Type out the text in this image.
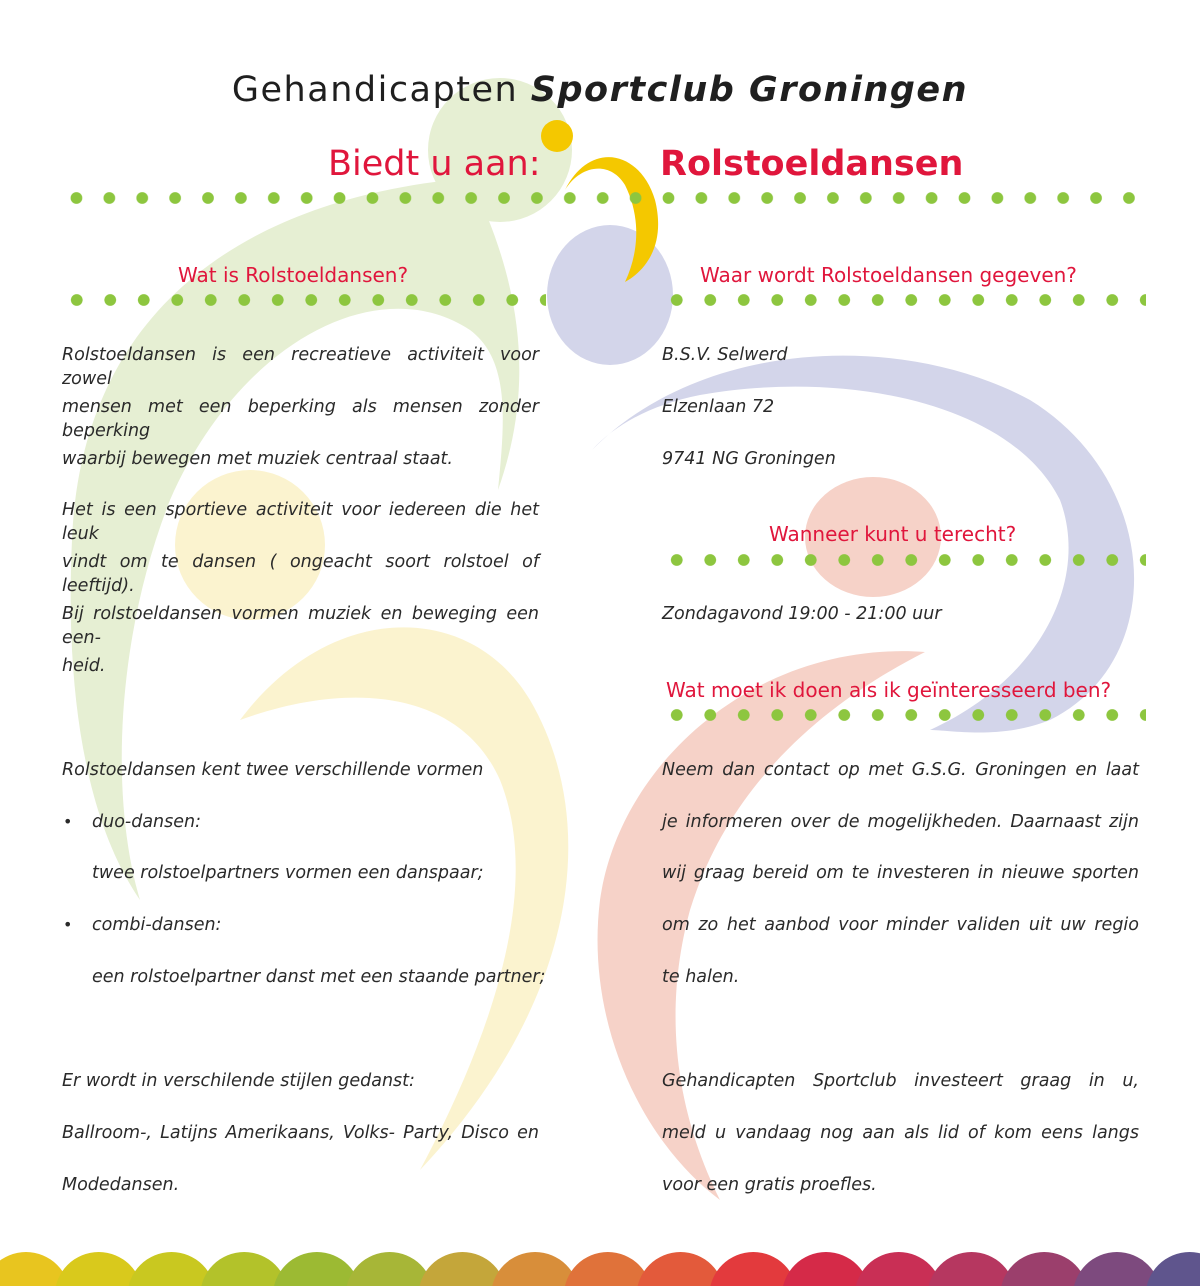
Gehandicapten Sportclub Groningen
Biedt u aan:	Rolstoeldansen
Wat is Rolstoeldansen?
Rolstoeldansen is een recreatieve activiteit voor zowel
mensen met een beperking als mensen zonder beperking
waarbij bewegen met muziek centraal staat.
Het is een sportieve activiteit voor iedereen die het leuk
vindt om te dansen ( ongeacht soort rolstoel of leeftijd).
Bij rolstoeldansen vormen muziek en beweging een een-
heid.
Rolstoeldansen kent twee verschillende vormen
• duo-dansen:
twee rolstoelpartners vormen een danspaar;
• combi-dansen:
een rolstoelpartner danst met een staande partner;
Er wordt in verschilende stijlen gedanst:
Ballroom-, Latijns Amerikaans, Volks- Party, Disco en
Modedansen.
Waar wordt Rolstoeldansen gegeven?
B.S.V. Selwerd
Elzenlaan 72
9741 NG Groningen
Wanneer kunt u terecht?
Zondagavond 19:00 - 21:00 uur
Wat moet ik doen als ik geïnteresseerd ben?
Neem dan contact op met G.S.G. Groningen en laat
je informeren over de mogelijkheden. Daarnaast zijn
wij graag bereid om te investeren in nieuwe sporten
om zo het aanbod voor minder validen uit uw regio
te halen.
Gehandicapten Sportclub investeert graag in u,
meld u vandaag nog aan als lid of kom eens langs
voor een gratis proefles.
